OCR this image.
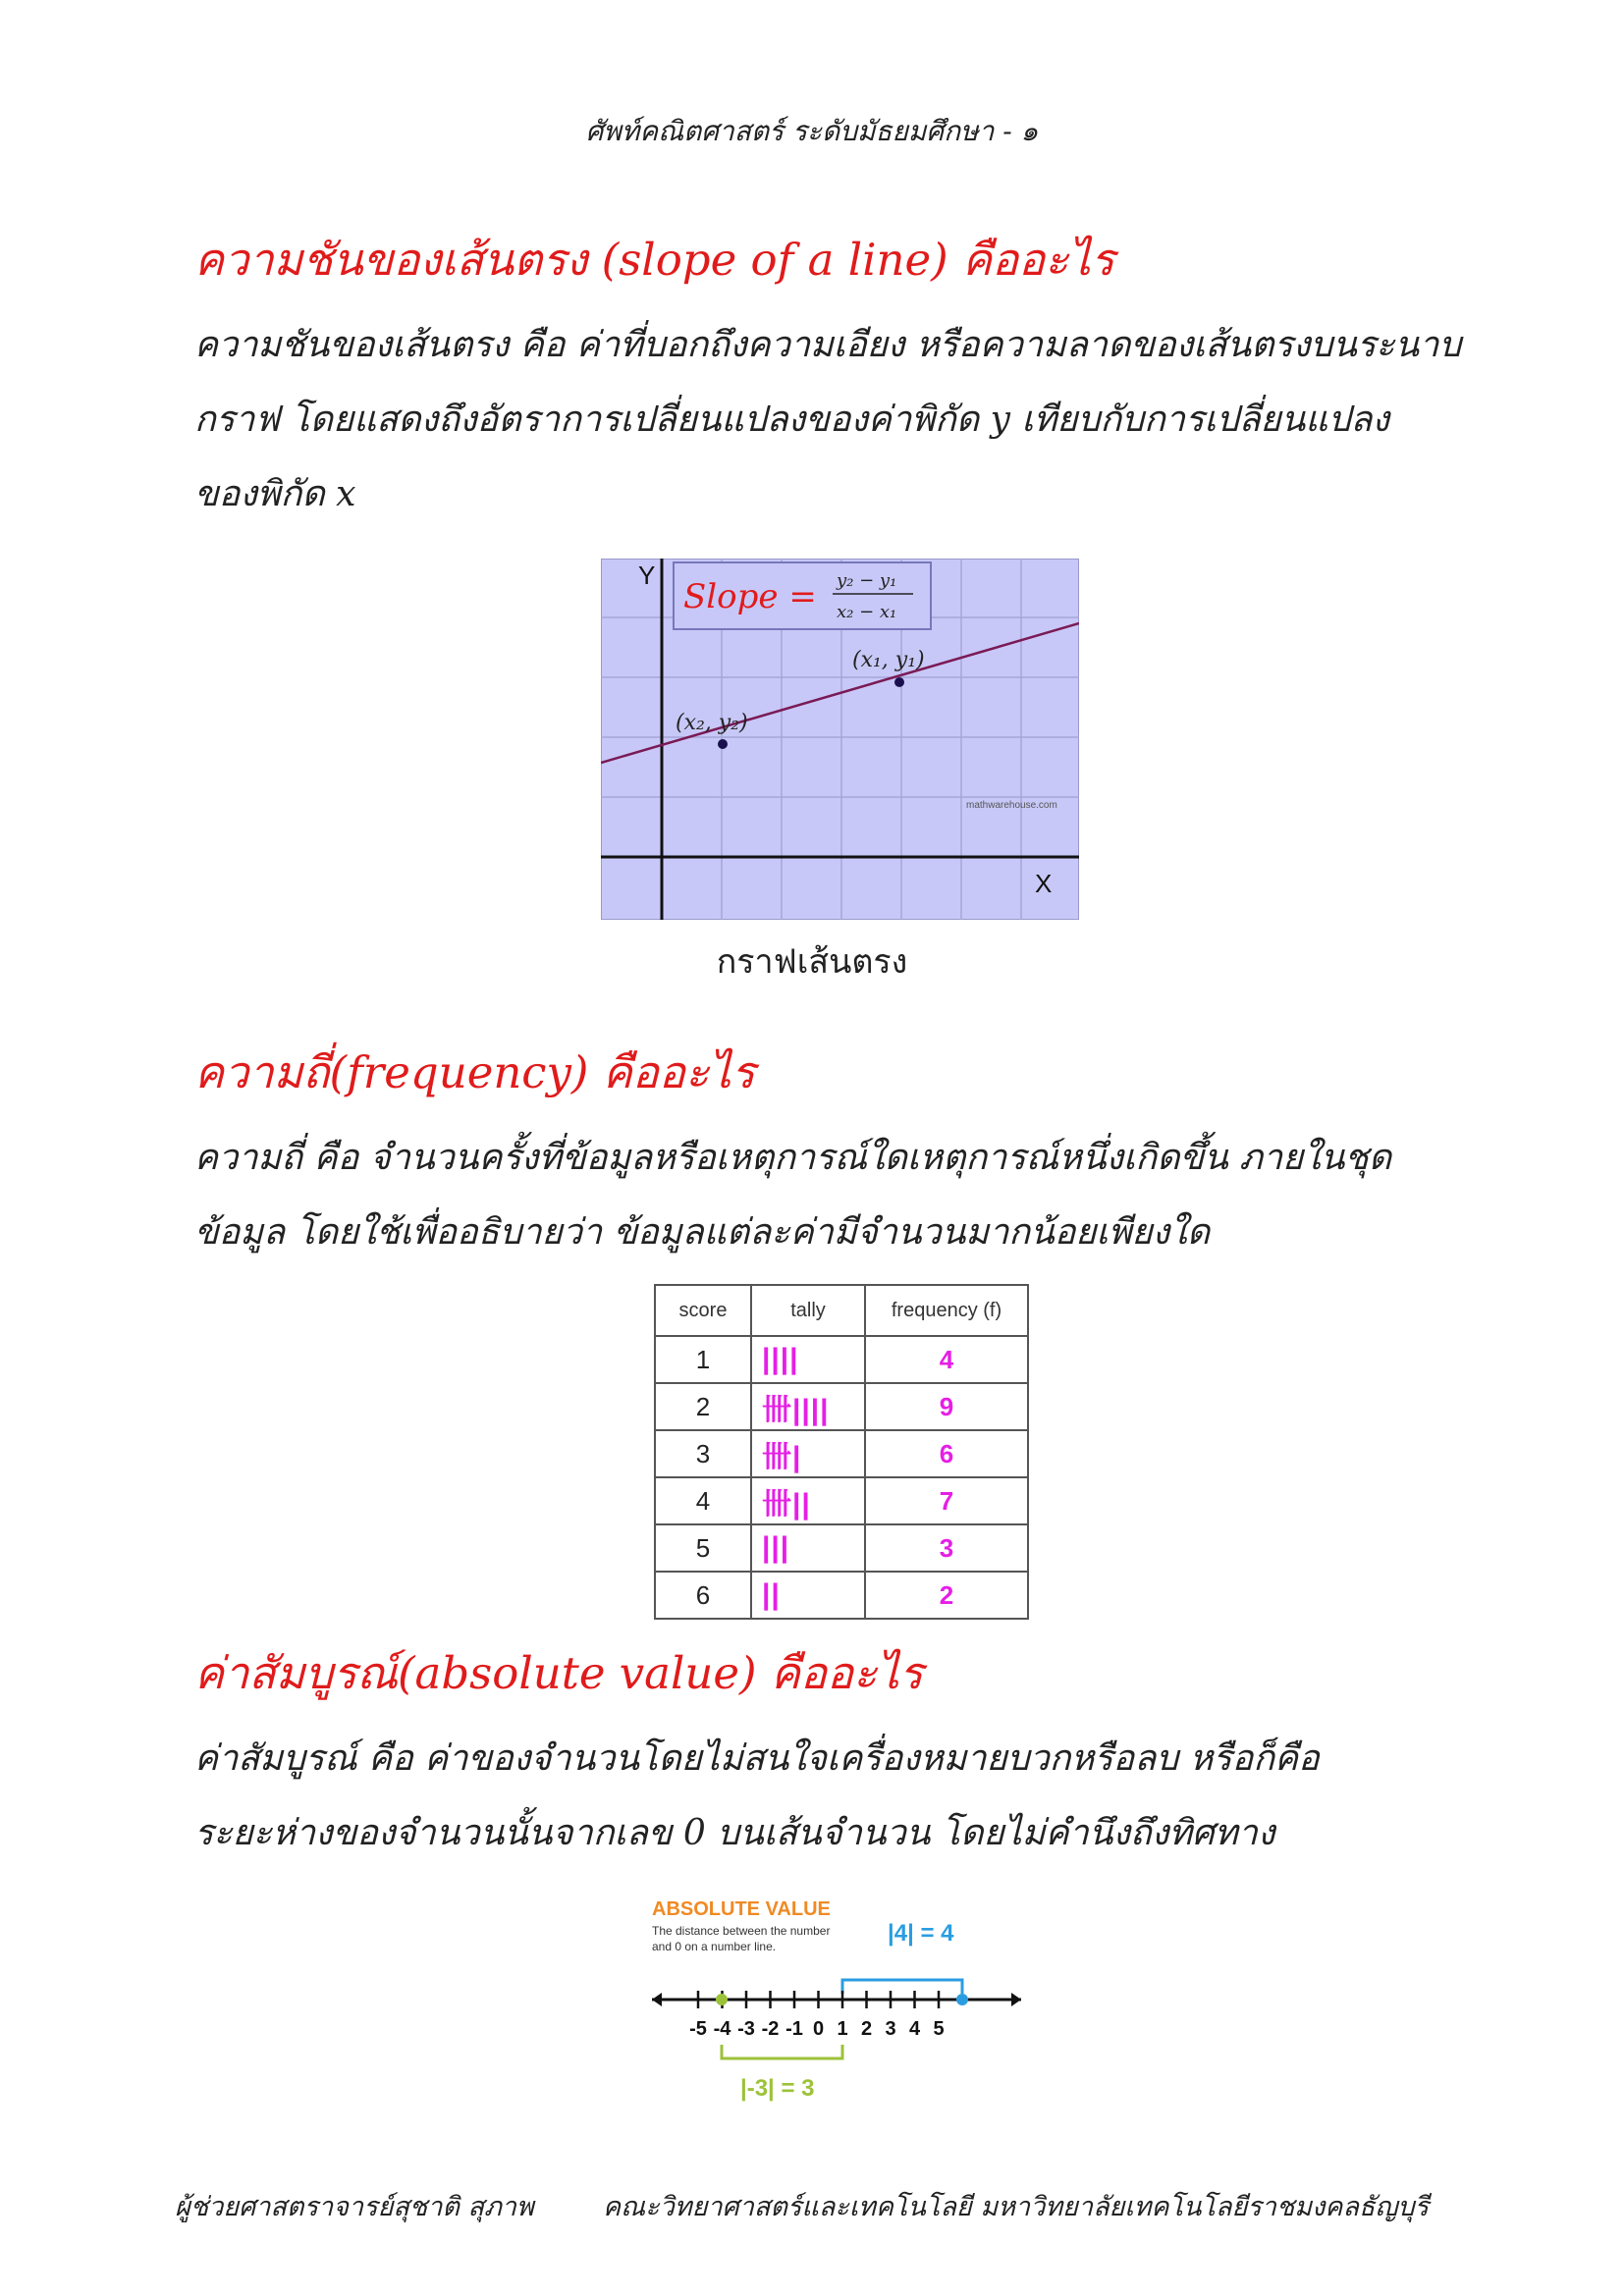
ศัพท์คณิตศาสตร์ ระดับมัธยมศึกษา - ๑
ความชันของเส้นตรง (slope of a line) คืออะไร
ความชันของเส้นตรง คือ ค่าที่บอกถึงความเอียง หรือความลาดของเส้นตรงบนระนาบ
กราฟ โดยแสดงถึงอัตราการเปลี่ยนแปลงของค่าพิกัด y เทียบกับการเปลี่ยนแปลง
ของพิกัด x
Y
X
(x₂, y₂)
(x₁, y₁)
Slope = y₂ − y₁
x₂ − x₁
mathwarehouse.com
กราฟเส้นตรง
ความถี่(frequency) คืออะไร
ความถี่ คือ จำนวนครั้งที่ข้อมูลหรือเหตุการณ์ใดเหตุการณ์หนึ่งเกิดขึ้น ภายในชุด
ข้อมูล โดยใช้เพื่ออธิบายว่า ข้อมูลแต่ละค่ามีจำนวนมากน้อยเพียงใด
score	tally	frequency (f)
1	||||	4
2	卌||||	9
3	卌|	6
4	卌||	7
5	|||	3
6	||	2
ค่าสัมบูรณ์(absolute value) คืออะไร
ค่าสัมบูรณ์ คือ ค่าของจำนวนโดยไม่สนใจเครื่องหมายบวกหรือลบ หรือก็คือ
ระยะห่างของจำนวนนั้นจากเลข 0 บนเส้นจำนวน โดยไม่คำนึงถึงทิศทาง
ABSOLUTE VALUE
The distance between the number
and 0 on a number line.	|4| = 4
-5 -4 -3 -2 -1 0 1 2 3 4 5
|-3| = 3
ผู้ช่วยศาสตราจารย์สุชาติ สุภาพ	คณะวิทยาศาสตร์และเทคโนโลยี มหาวิทยาลัยเทคโนโลยีราชมงคลธัญบุรี
